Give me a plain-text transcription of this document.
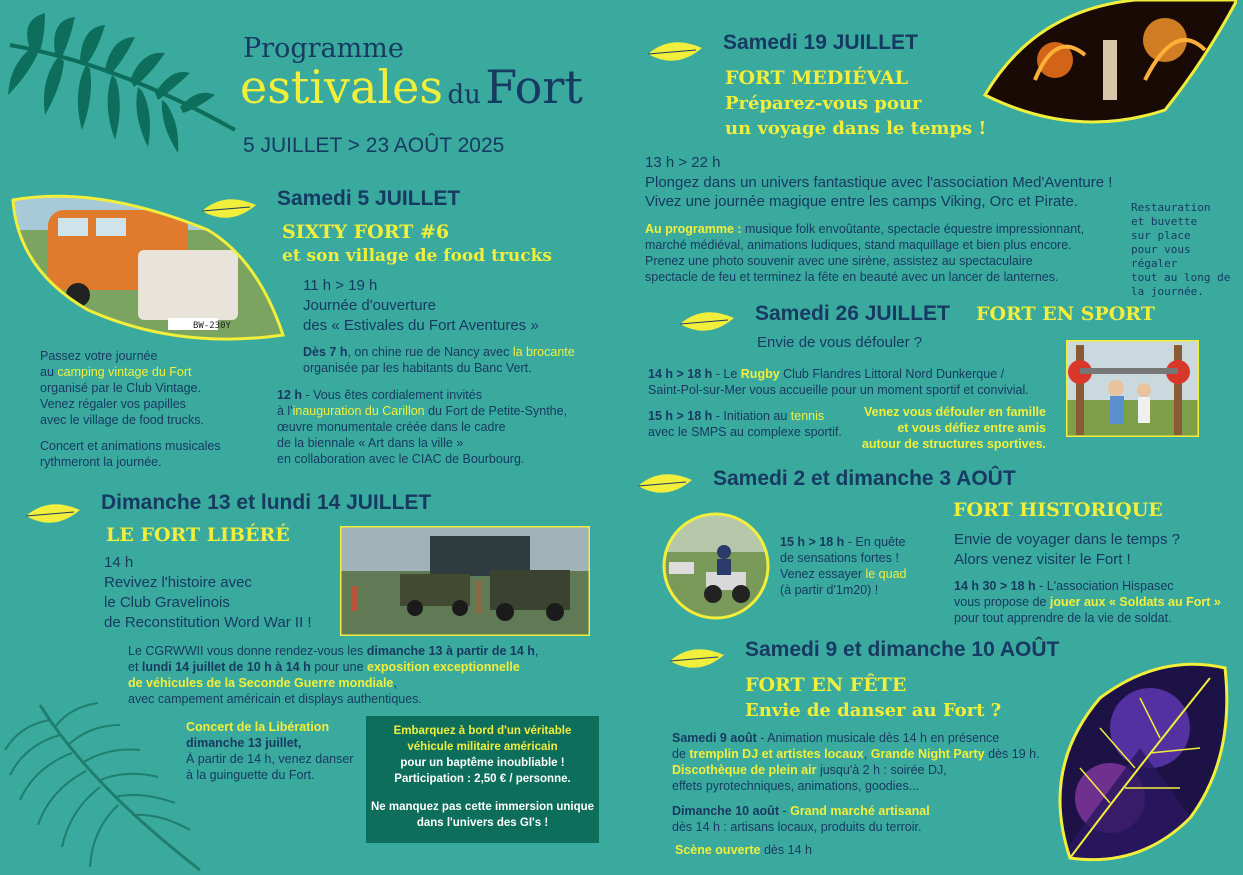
Programme
estivales du Fort
5 JUILLET > 23 AOÛT 2025
Samedi 5 JUILLET
SIXTY FORT #6
et son village de food trucks
11 h > 19 h
Journée d'ouverture
des « Estivales du Fort Aventures »
Dès 7 h, on chine rue de Nancy avec la brocante
organisée par les habitants du Banc Vert.
12 h - Vous êtes cordialement invités
à l'inauguration du Carillon du Fort de Petite-Synthe,
œuvre monumentale créée dans le cadre
de la biennale « Art dans la ville »
en collaboration avec le CIAC de Bourbourg.
Passez votre journée
au camping vintage du Fort
organisé par le Club Vintage.
Venez régaler vos papilles
avec le village de food trucks.
Concert et animations musicales
rythmeront la journée.
BW-230Y
Dimanche 13 et lundi 14 JUILLET
LE FORT LIBÉRÉ
14 h
Revivez l'histoire avec
le Club Gravelinois
de Reconstitution Word War II !
Le CGRWWII vous donne rendez-vous les dimanche 13 à partir de 14 h,
et lundi 14 juillet de 10 h à 14 h pour une exposition exceptionnelle
de véhicules de la Seconde Guerre mondiale,
avec campement américain et displays authentiques.
Concert de la Libération
dimanche 13 juillet,
À partir de 14 h, venez danser
à la guinguette du Fort.
Embarquez à bord d'un véritable
véhicule militaire américain
pour un baptême inoubliable !
Participation : 2,50 € / personne.
Ne manquez pas cette immersion unique
dans l'univers des GI's !
Samedi 19 JUILLET
FORT MEDIÉVAL
Préparez-vous pour
un voyage dans le temps !
13 h > 22 h
Plongez dans un univers fantastique avec l'association Med'Aventure !
Vivez une journée magique entre les camps Viking, Orc et Pirate.
Au programme : musique folk envoûtante, spectacle équestre impressionnant,
marché médiéval, animations ludiques, stand maquillage et bien plus encore.
Prenez une photo souvenir avec une sirène, assistez au spectaculaire
spectacle de feu et terminez la fête en beauté avec un lancer de lanternes.
Restauration
et buvette
sur place
pour vous régaler
tout au long de
la journée.
Samedi 26 JUILLET FORT EN SPORT
Envie de vous défouler ?
14 h > 18 h - Le Rugby Club Flandres Littoral Nord Dunkerque /
Saint-Pol-sur-Mer vous accueille pour un moment sportif et convivial.
15 h > 18 h - Initiation au tennis
avec le SMPS au complexe sportif.
Venez vous défouler en famille
et vous défiez entre amis
autour de structures sportives.
Samedi 2 et dimanche 3 AOÛT
FORT HISTORIQUE
15 h > 18 h - En quête
de sensations fortes !
Venez essayer le quad
(à partir d'1m20) !
Envie de voyager dans le temps ?
Alors venez visiter le Fort !
14 h 30 > 18 h - L'association Hispasec
vous propose de jouer aux « Soldats au Fort »
pour tout apprendre de la vie de soldat.
Samedi 9 et dimanche 10 AOÛT
FORT EN FÊTE
Envie de danser au Fort ?
Samedi 9 août - Animation musicale dès 14 h en présence
de tremplin DJ et artistes locaux, Grande Night Party dès 19 h.
Discothèque de plein air jusqu'à 2 h : soirée DJ,
effets pyrotechniques, animations, goodies...
Dimanche 10 août - Grand marché artisanal
dès 14 h : artisans locaux, produits du terroir.
Scène ouverte dès 14 h
